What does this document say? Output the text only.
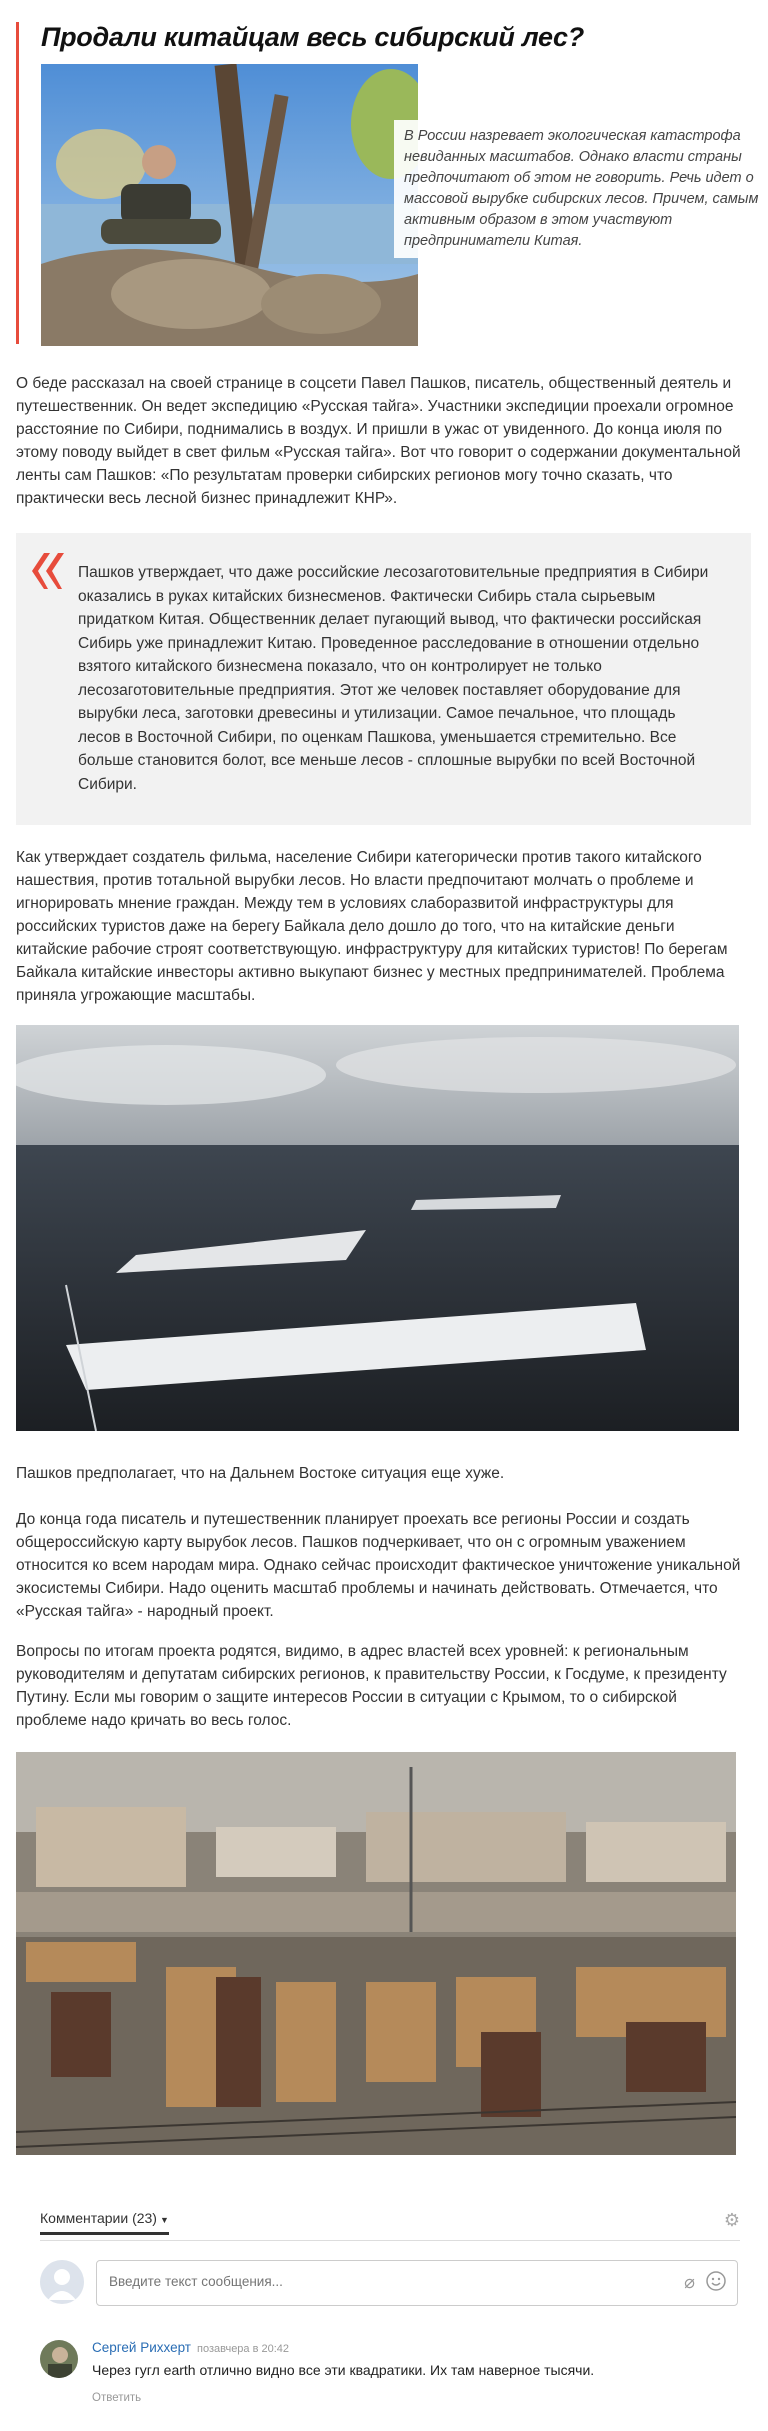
Продали китайцам весь сибирский лес?

В России назревает экологическая катастрофа невиданных масштабов. Однако власти страны предпочитают об этом не говорить. Речь идет о массовой вырубке сибирских лесов. Причем, самым активным образом в этом участвуют предприниматели Китая.

О беде рассказал на своей странице в соцсети Павел Пашков, писатель, общественный деятель и путешественник. Он ведет экспедицию «Русская тайга». Участники экспедиции проехали огромное расстояние по Сибири, поднимались в воздух. И пришли в ужас от увиденного. До конца июля по этому поводу выйдет в свет фильм «Русская тайга». Вот что говорит о содержании документальной ленты сам Пашков: «По результатам проверки сибирских регионов могу точно сказать, что практически весь лесной бизнес принадлежит КНР».

Пашков утверждает, что даже российские лесозаготовительные предприятия в Сибири оказались в руках китайских бизнесменов. Фактически Сибирь стала сырьевым придатком Китая. Общественник делает пугающий вывод, что фактически российская Сибирь уже принадлежит Китаю. Проведенное расследование в отношении отдельно взятого китайского бизнесмена показало, что он контролирует не только лесозаготовительные предприятия. Этот же человек поставляет оборудование для вырубки леса, заготовки древесины и утилизации. Самое печальное, что площадь лесов в Восточной Сибири, по оценкам Пашкова, уменьшается стремительно. Все больше становится болот, все меньше лесов - сплошные вырубки по всей Восточной Сибири.

Как утверждает создатель фильма, население Сибири категорически против такого китайского нашествия, против тотальной вырубки лесов. Но власти предпочитают молчать о проблеме и игнорировать мнение граждан. Между тем в условиях слаборазвитой инфраструктуры для российских туристов даже на берегу Байкала дело дошло до того, что на китайские деньги китайские рабочие строят соответствующую. инфраструктуру для китайских туристов! По берегам Байкала китайские инвесторы активно выкупают бизнес у местных предпринимателей. Проблема приняла угрожающие масштабы.

Пашков предполагает, что на Дальнем Востоке ситуация еще хуже.

До конца года писатель и путешественник планирует проехать все регионы России и создать общероссийскую карту вырубок лесов. Пашков подчеркивает, что он с огромным уважением относится ко всем народам мира. Однако сейчас происходит фактическое уничтожение уникальной экосистемы Сибири. Надо оценить масштаб проблемы и начинать действовать. Отмечается, что «Русская тайга» - народный проект.

Вопросы по итогам проекта родятся, видимо, в адрес властей всех уровней: к региональным руководителям и депутатам сибирских регионов, к правительству России, к Госдуме, к президенту Путину. Если мы говорим о защите интересов России в ситуации с Крымом, то о сибирской проблеме надо кричать во весь голос.

Комментарии (23) ▼	⚙
Введите текст сообщения...
⌀
Сергей Риххерт позавчера в 20:42
Через гугл earth отлично видно все эти квадратики. Их там наверное тысячи.
Ответить
